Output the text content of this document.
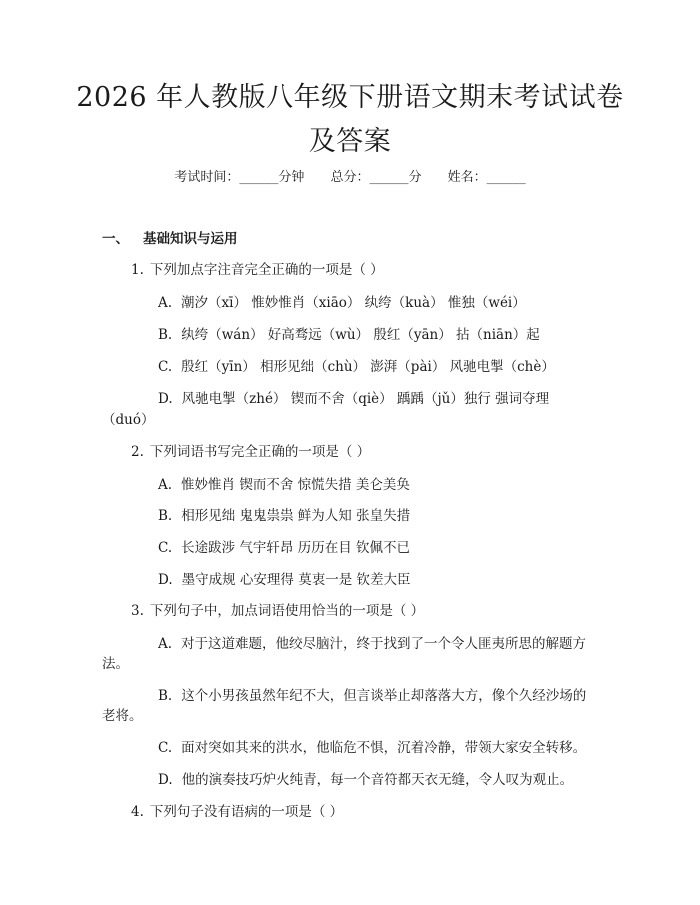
2026 年人教版八年级下册语文期末考试试卷
及答案
考试时间：______分钟 总分：______分 姓名：______
一、 基础知识与运用
1. 下列加点字注音完全正确的一项是（ ）
A. 潮汐（xī） 惟妙惟肖（xiāo） 纨绔（kuà） 惟独（wéi）
B. 纨绔（wán） 好高骛远（wù） 殷红（yān） 拈（niān）起
C. 殷红（yīn） 相形见绌（chù） 澎湃（pài） 风驰电掣（chè）
D. 风驰电掣（zhé） 锲而不舍（qiè） 踽踽（jǔ）独行 强词夺理
（duó）
2. 下列词语书写完全正确的一项是（ ）
A. 惟妙惟肖 锲而不舍 惊慌失措 美仑美奂
B. 相形见绌 鬼鬼祟祟 鲜为人知 张皇失措
C. 长途跋涉 气宇轩昂 历历在目 钦佩不已
D. 墨守成规 心安理得 莫衷一是 钦差大臣
3. 下列句子中，加点词语使用恰当的一项是（ ）
A. 对于这道难题，他绞尽脑汁，终于找到了一个令人匪夷所思的解题方
法。
B. 这个小男孩虽然年纪不大，但言谈举止却落落大方，像个久经沙场的
老将。
C. 面对突如其来的洪水，他临危不惧，沉着冷静，带领大家安全转移。
D. 他的演奏技巧炉火纯青，每一个音符都天衣无缝，令人叹为观止。
4. 下列句子没有语病的一项是（ ）
